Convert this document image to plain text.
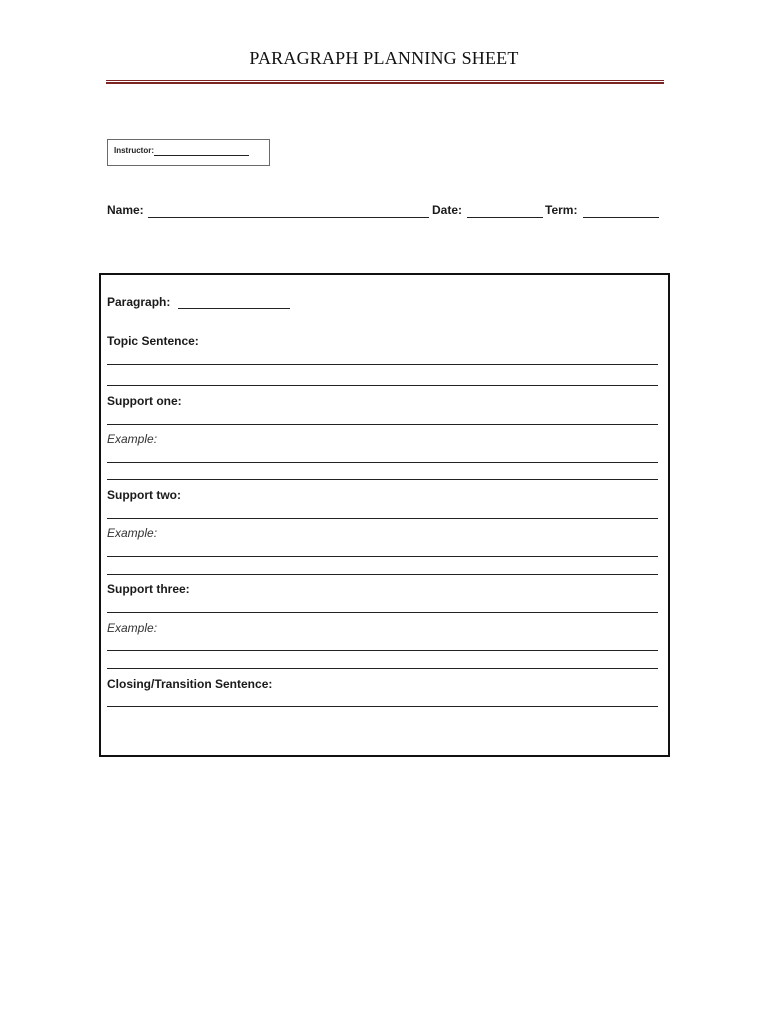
PARAGRAPH PLANNING SHEET
Instructor:
Name:	Date:	Term:
Paragraph:
Topic Sentence:
Support one:
Example:
Support two:
Example:
Support three:
Example:
Closing/Transition Sentence:
